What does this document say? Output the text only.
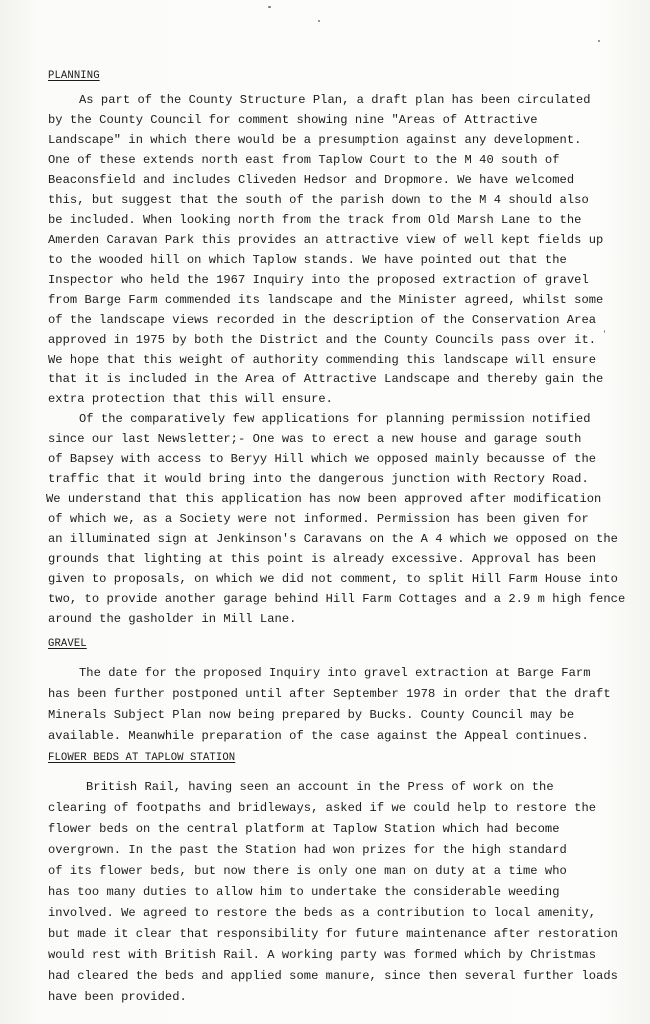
PLANNING
As part of the County Structure Plan, a draft plan has been circulated
by the County Council for comment showing nine "Areas of Attractive
Landscape" in which there would be a presumption against any development.
One of these extends north east from Taplow Court to the M 40 south of
Beaconsfield and includes Cliveden Hedsor and Dropmore. We have welcomed
this, but suggest that the south of the parish down to the M 4 should also
be included. When looking north from the track from Old Marsh Lane to the
Amerden Caravan Park this provides an attractive view of well kept fields up
to the wooded hill on which Taplow stands. We have pointed out that the
Inspector who held the 1967 Inquiry into the proposed extraction of gravel
from Barge Farm commended its landscape and the Minister agreed, whilst some
of the landscape views recorded in the description of the Conservation Area
approved in 1975 by both the District and the County Councils pass over it.
We hope that this weight of authority commending this landscape will ensure
that it is included in the Area of Attractive Landscape and thereby gain the
extra protection that this will ensure.
Of the comparatively few applications for planning permission notified
since our last Newsletter;- One was to erect a new house and garage south
of Bapsey with access to Beryy Hill which we opposed mainly becausse of the
traffic that it would bring into the dangerous junction with Rectory Road.
We understand that this application has now been approved after modification
of which we, as a Society were not informed. Permission has been given for
an illuminated sign at Jenkinson's Caravans on the A 4 which we opposed on the
grounds that lighting at this point is already excessive. Approval has been
given to proposals, on which we did not comment, to split Hill Farm House into
two, to provide another garage behind Hill Farm Cottages and a 2.9 m high fence
around the gasholder in Mill Lane.
GRAVEL
The date for the proposed Inquiry into gravel extraction at Barge Farm
has been further postponed until after September 1978 in order that the draft
Minerals Subject Plan now being prepared by Bucks. County Council may be
available. Meanwhile preparation of the case against the Appeal continues.
FLOWER BEDS AT TAPLOW STATION
British Rail, having seen an account in the Press of work on the
clearing of footpaths and bridleways, asked if we could help to restore the
flower beds on the central platform at Taplow Station which had become
overgrown. In the past the Station had won prizes for the high standard
of its flower beds, but now there is only one man on duty at a time who
has too many duties to allow him to undertake the considerable weeding
involved. We agreed to restore the beds as a contribution to local amenity,
but made it clear that responsibility for future maintenance after restoration
would rest with British Rail. A working party was formed which by Christmas
had cleared the beds and applied some manure, since then several further loads
have been provided.
